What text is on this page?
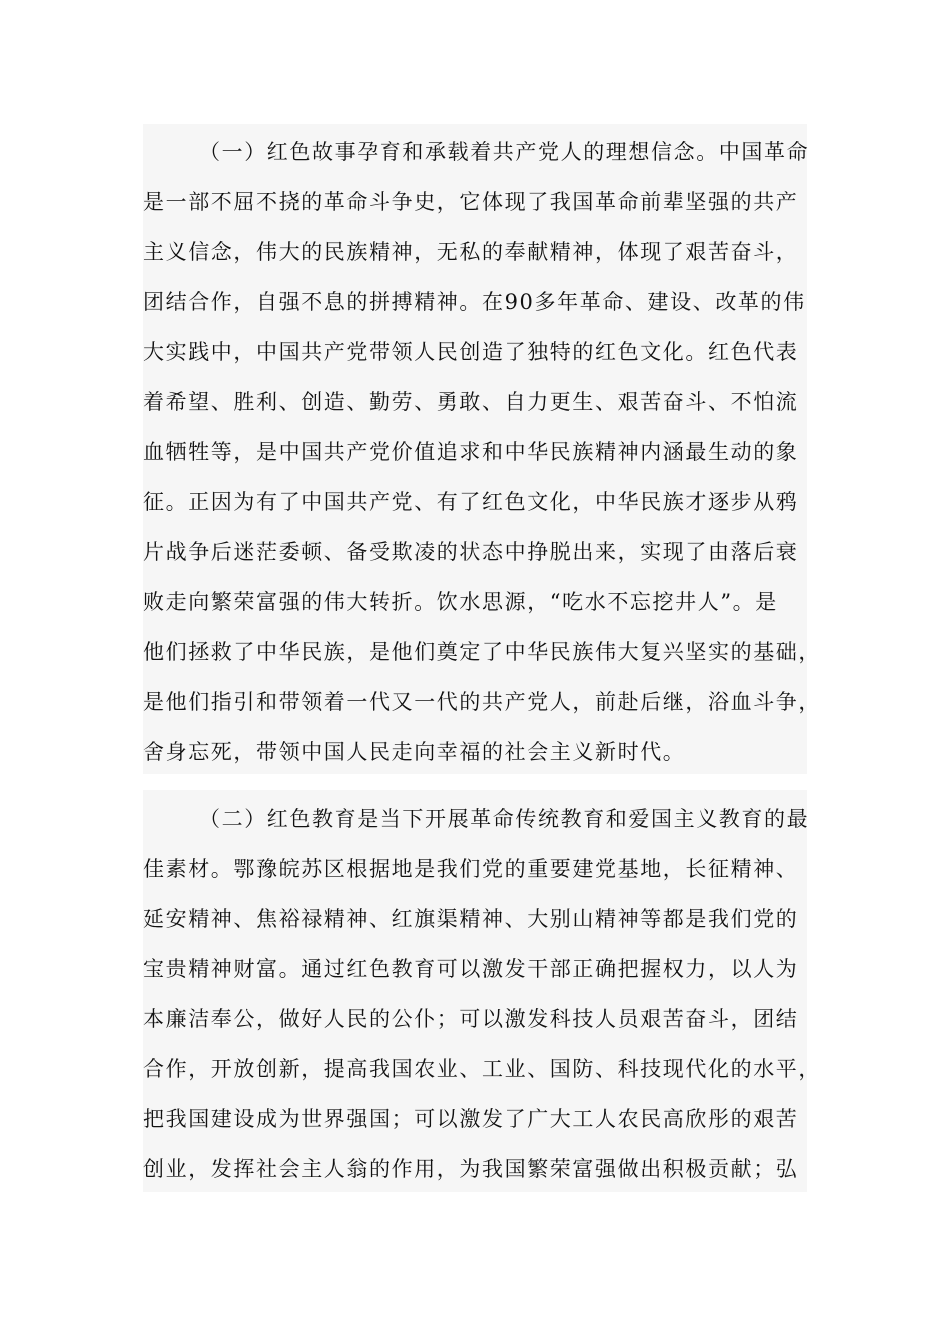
（一）红色故事孕育和承载着共产党人的理想信念。中国革命
是一部不屈不挠的革命斗争史，它体现了我国革命前辈坚强的共产
主义信念，伟大的民族精神，无私的奉献精神，体现了艰苦奋斗，
团结合作，自强不息的拼搏精神。在90多年革命、建设、改革的伟
大实践中，中国共产党带领人民创造了独特的红色文化。红色代表
着希望、胜利、创造、勤劳、勇敢、自力更生、艰苦奋斗、不怕流
血牺牲等，是中国共产党价值追求和中华民族精神内涵最生动的象
征。正因为有了中国共产党、有了红色文化，中华民族才逐步从鸦
片战争后迷茫委顿、备受欺凌的状态中挣脱出来，实现了由落后衰
败走向繁荣富强的伟大转折。饮水思源，“吃水不忘挖井人”。是
他们拯救了中华民族，是他们奠定了中华民族伟大复兴坚实的基础，
是他们指引和带领着一代又一代的共产党人，前赴后继，浴血斗争，
舍身忘死，带领中国人民走向幸福的社会主义新时代。
（二）红色教育是当下开展革命传统教育和爱国主义教育的最
佳素材。鄂豫皖苏区根据地是我们党的重要建党基地，长征精神、
延安精神、焦裕禄精神、红旗渠精神、大别山精神等都是我们党的
宝贵精神财富。通过红色教育可以激发干部正确把握权力，以人为
本廉洁奉公，做好人民的公仆；可以激发科技人员艰苦奋斗，团结
合作，开放创新，提高我国农业、工业、国防、科技现代化的水平，
把我国建设成为世界强国；可以激发了广大工人农民高欣彤的艰苦
创业，发挥社会主人翁的作用，为我国繁荣富强做出积极贡献；弘
